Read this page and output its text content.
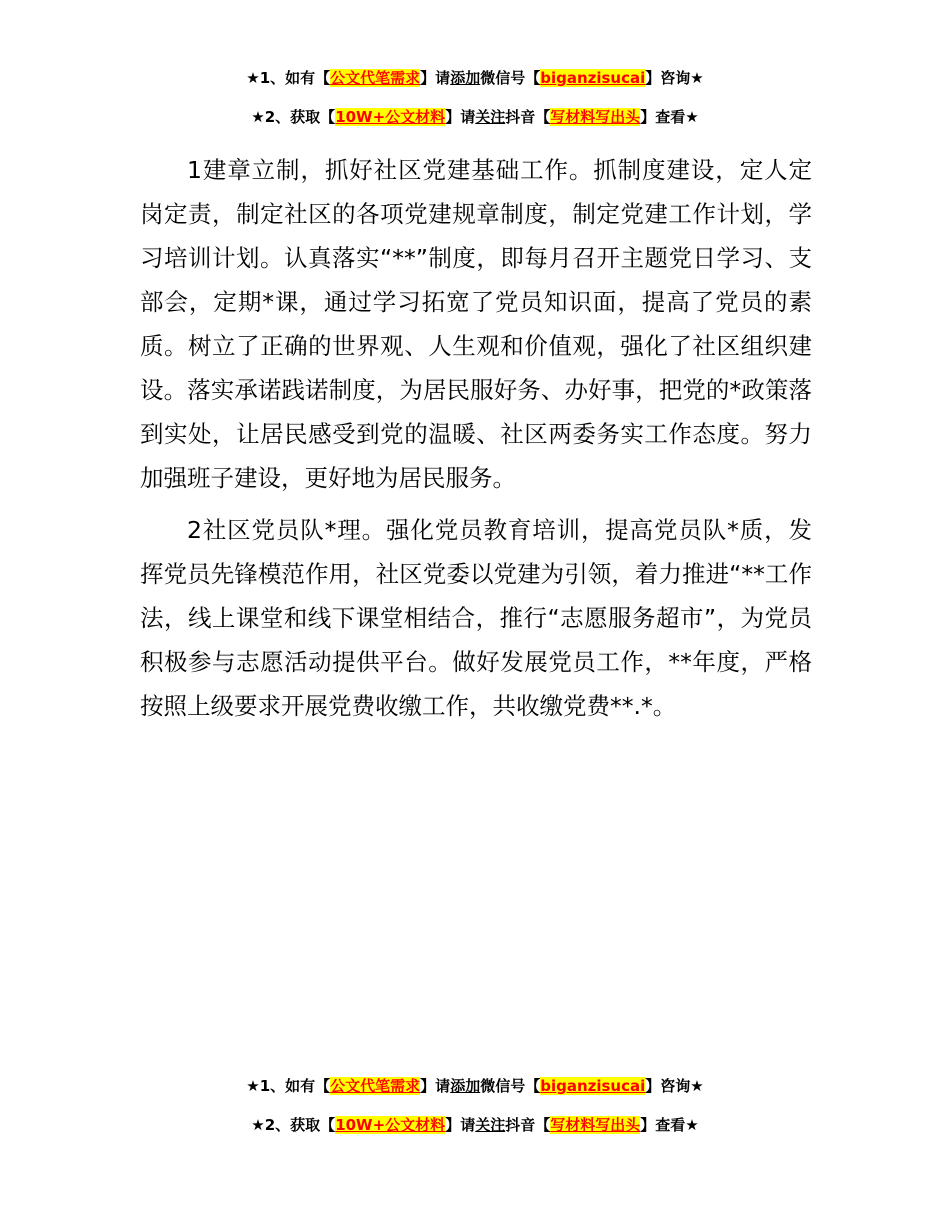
★1、如有【公文代笔需求】请添加微信号【biganzisucai】咨询★
★2、获取【10W+公文材料】请关注抖音【写材料写出头】查看★

1建章立制，抓好社区党建基础工作。抓制度建设，定人定岗定责，制定社区的各项党建规章制度，制定党建工作计划，学习培训计划。认真落实“**”制度，即每月召开主题党日学习、支部会，定期*课，通过学习拓宽了党员知识面，提高了党员的素质。树立了正确的世界观、人生观和价值观，强化了社区组织建设。落实承诺践诺制度，为居民服好务、办好事，把党的*政策落到实处，让居民感受到党的温暖、社区两委务实工作态度。努力加强班子建设，更好地为居民服务。

2社区党员队*理。强化党员教育培训，提高党员队*质，发挥党员先锋模范作用，社区党委以党建为引领，着力推进“**工作法，线上课堂和线下课堂相结合，推行“志愿服务超市”，为党员积极参与志愿活动提供平台。做好发展党员工作，**年度，严格按照上级要求开展党费收缴工作，共收缴党费**.*。

★1、如有【公文代笔需求】请添加微信号【biganzisucai】咨询★
★2、获取【10W+公文材料】请关注抖音【写材料写出头】查看★
